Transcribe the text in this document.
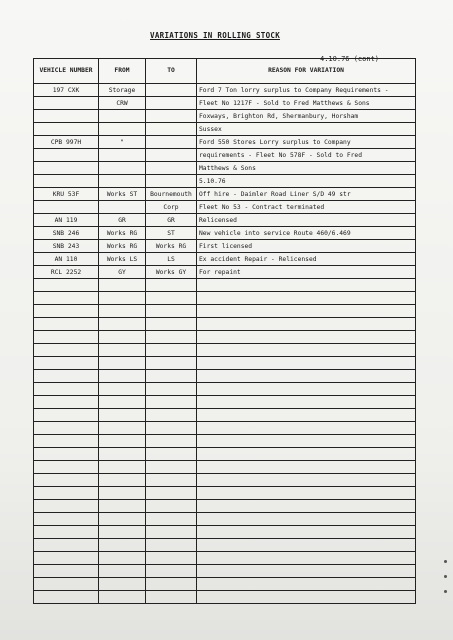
VARIATIONS IN ROLLING STOCK
4.10.76 (cont)
VEHICLE NUMBER	FROM	TO	REASON FOR VARIATION
197 CXK	Storage		Ford 7 Ton lorry surplus to Company Requirements -
	CRW		Fleet No 1217F - Sold to Fred Matthews & Sons
			Foxways, Brighton Rd, Shermanbury, Horsham
			Sussex
CPB 997H	"		Ford 550 Stores Lorry surplus to Company
			requirements - Fleet No 578F - Sold to Fred
			Matthews & Sons
			5.10.76
KRU 53F	Works ST	Bournemouth	Off hire - Daimler Road Liner S/D 49 str
		Corp	Fleet No 53 - Contract terminated
AN 119	GR	GR	Relicensed
SNB 246	Works RG	ST	New vehicle into service Route 460/6.469
SNB 243	Works RG	Works RG	First licensed
AN 110	Works LS	LS	Ex accident Repair - Relicensed
RCL 2252	GY	Works GY	For repaint
